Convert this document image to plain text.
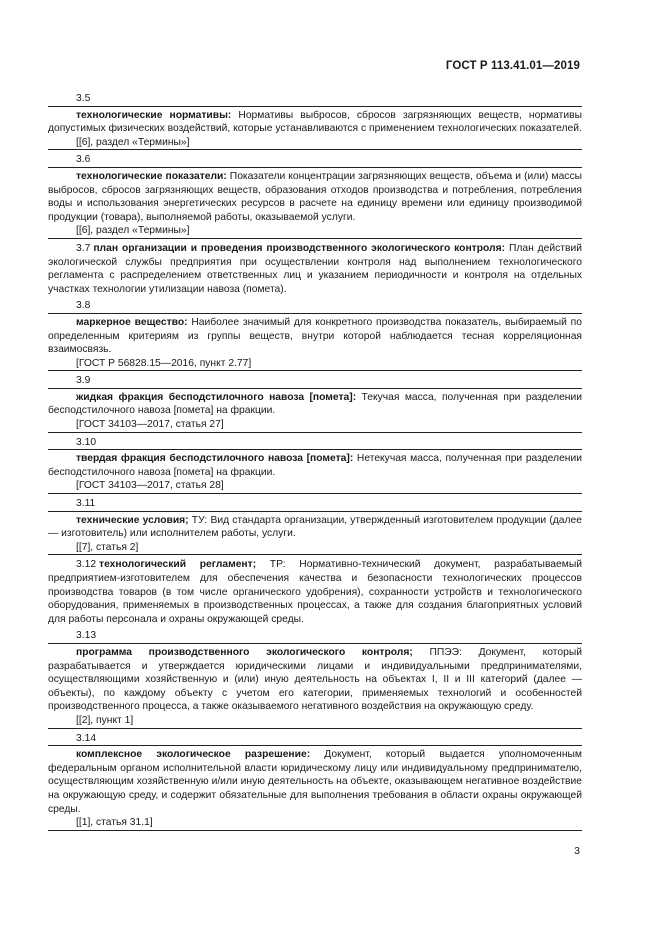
ГОСТ Р 113.41.01—2019

3.5

технологические нормативы: Нормативы выбросов, сбросов загрязняющих веществ, нормативы допустимых физических воздействий, которые устанавливаются с применением технологических показателей.

[[6], раздел «Термины»]

3.6

технологические показатели: Показатели концентрации загрязняющих веществ, объема и (или) массы выбросов, сбросов загрязняющих веществ, образования отходов производства и потребления, потребления воды и использования энергетических ресурсов в расчете на единицу времени или единицу производимой продукции (товара), выполняемой работы, оказываемой услуги.

[[6], раздел «Термины»]

3.7 план организации и проведения производственного экологического контроля: План действий экологической службы предприятия при осуществлении контроля над выполнением технологического регламента с распределением ответственных лиц и указанием периодичности и контроля на отдельных участках технологии утилизации навоза (помета).

3.8

маркерное вещество: Наиболее значимый для конкретного производства показатель, выбираемый по определенным критериям из группы веществ, внутри которой наблюдается тесная корреляционная взаимосвязь.

[ГОСТ Р 56828.15—2016, пункт 2.77]

3.9

жидкая фракция бесподстилочного навоза [помета]: Текучая масса, полученная при разделении бесподстилочного навоза [помета] на фракции.

[ГОСТ 34103—2017, статья 27]

3.10

твердая фракция бесподстилочного навоза [помета]: Нетекучая масса, полученная при разделении бесподстилочного навоза [помета] на фракции.

[ГОСТ 34103—2017, статья 28]

3.11

технические условия; ТУ: Вид стандарта организации, утвержденный изготовителем продукции (далее — изготовитель) или исполнителем работы, услуги.

[[7], статья 2]

3.12 технологический регламент; ТР: Нормативно-технический документ, разрабатываемый предприятием-изготовителем для обеспечения качества и безопасности технологических процессов производства товаров (в том числе органического удобрения), сохранности устройств и технологического оборудования, применяемых в производственных процессах, а также для создания благоприятных условий для работы персонала и охраны окружающей среды.

3.13

программа производственного экологического контроля; ППЭЭ: Документ, который разрабатывается и утверждается юридическими лицами и индивидуальными предпринимателями, осуществляющими хозяйственную и (или) иную деятельность на объектах I, II и III категорий (далее — объекты), по каждому объекту с учетом его категории, применяемых технологий и особенностей производственного процесса, а также оказываемого негативного воздействия на окружающую среду.

[[2], пункт 1]

3.14

комплексное экологическое разрешение: Документ, который выдается уполномоченным федеральным органом исполнительной власти юридическому лицу или индивидуальному предпринимателю, осуществляющим хозяйственную и/или иную деятельность на объекте, оказывающем негативное воздействие на окружающую среду, и содержит обязательные для выполнения требования в области охраны окружающей среды.

[[1], статья 31.1]

3
